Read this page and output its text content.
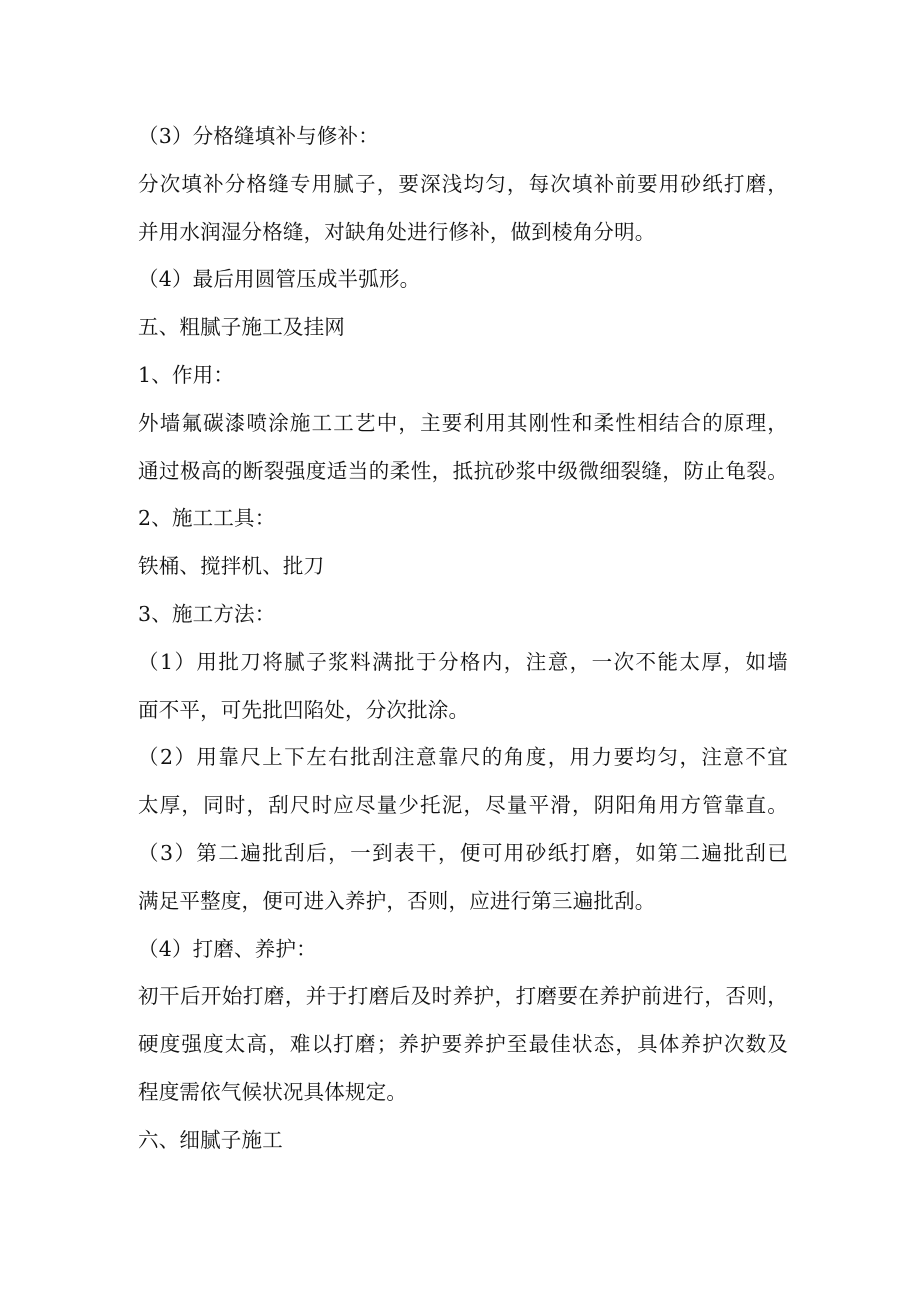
（3）分格缝填补与修补：
分次填补分格缝专用腻子，要深浅均匀，每次填补前要用砂纸打磨，
并用水润湿分格缝，对缺角处进行修补，做到棱角分明。
（4）最后用圆管压成半弧形。
五、粗腻子施工及挂网
1、作用：
外墙氟碳漆喷涂施工工艺中，主要利用其刚性和柔性相结合的原理，
通过极高的断裂强度适当的柔性，抵抗砂浆中级微细裂缝，防止龟裂。
2、施工工具：
铁桶、搅拌机、批刀
3、施工方法：
（1）用批刀将腻子浆料满批于分格内，注意，一次不能太厚，如墙
面不平，可先批凹陷处，分次批涂。
（2）用靠尺上下左右批刮注意靠尺的角度，用力要均匀，注意不宜
太厚，同时，刮尺时应尽量少托泥，尽量平滑，阴阳角用方管靠直。
（3）第二遍批刮后，一到表干，便可用砂纸打磨，如第二遍批刮已
满足平整度，便可进入养护，否则，应进行第三遍批刮。
（4）打磨、养护：
初干后开始打磨，并于打磨后及时养护，打磨要在养护前进行，否则，
硬度强度太高，难以打磨；养护要养护至最佳状态，具体养护次数及
程度需依气候状况具体规定。
六、细腻子施工
